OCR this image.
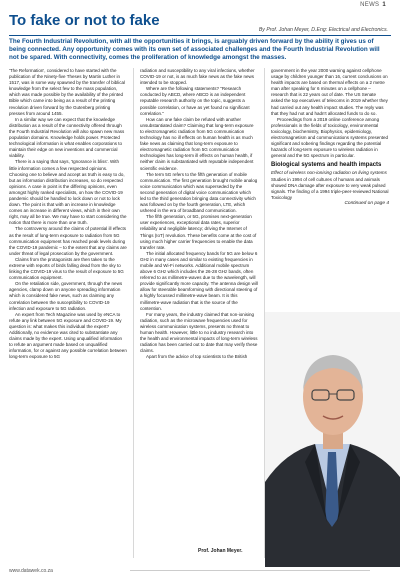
NEWS 1
To fake or not to fake
By Prof. Johan Meyer, D.Eng: Electrical and Electronics.

The Fourth Industrial Revolution, with all the opportunities it brings, is arguably driven forward by the ability it gives us of being connected. Any opportunity comes with its own set of associated challenges and the Fourth Industrial Revolution will not be spared. With connectivity, comes the proliferation of knowledge amongst the masses.

'The Reformation', considered to have started with the publication of the Ninety-five Theses by Martin Luther in 1517, was in some way spawned by the transfer of biblical knowledge from the select few to the mass population, which was made possible by the availability of the printed Bible which came into being as a result of the printing revolution driven forward by the Gutenberg printing presses from around 1455.

In a similar way we can expect that the knowledge distribution as a result of the connectivity offered through the Fourth Industrial Revolution will also spawn new mass population domains. Knowledge holds power. Protected technological information is what enables corporations to maintain their edge on new inventions and commercial viability.

There is a saying that says, 'Ignorance is bliss'. With little information comes a few respected opinions. Choosing one to believe and accept as truth is easy to do, but as information distribution increases, so do respected opinions. A case in point is the differing opinions, even amongst highly ranked specialists, on how the COVID-19 pandemic should be handled to lock down or not to lock down. The point is that with an increase in knowledge comes an increase in different views, which in their own right, may all be true. We may have to start considering the notion that there is more than one truth.

The controversy around the claims of potential ill effects as the result of long-term exposure to radiation from 5G communication equipment has reached peak levels during the COVID-19 pandemic – to the extent that any claims are under threat of legal prosecution by the government.

Claims from the protagonists are then taken to the extreme with reports of birds falling dead from the sky to linking the COVID-19 virus to the result of exposure to 5G communication equipment.

On the retaliation side, government, through the news agencies, clamp down on anyone spreading information which is considered fake news, such as claiming any correlation between the susceptibility to COVID-19 infection and exposure to 5G radiation.

An expert from Tech Magazine was used by eNCA to refute any link between 5G exposure and COVID-19. My question is: what makes this individual the expert? Additionally, no evidence was cited to substantiate any claims made by the expert. Using unqualified information to refute an argument made based on unqualified information, for or against any possible correlation between long-term exposure to 5G

radiation and susceptibility to any viral infections, whether COVID-19 or not, is as much fake news as the fake news intended to be stopped.

Where are the following statements? "Research conducted by ABCD, where ABCD is an independent reputable research authority on the topic, suggests a possible correlation, or have as yet found no significant correlation."

How can one fake claim be refuted with another unsubstantiated claim? Claiming that long-term exposure to electromagnetic radiation from 5G communication technology has no ill effects on human health is as much fake news as claiming that long-term exposure to electromagnetic radiation from 5G communication technologies has long-term ill effects on human health, if neither claim is substantiated with reputable independent scientific evidence.

The term 5G refers to the fifth generation of mobile communication. The first generation brought mobile analog voice communication which was superseded by the second generation of digital voice communication which led to the third generation bringing data connectivity which was followed on by the fourth generation, LTE, which ushered in the era of broadband communication.

The fifth generation, or 5G, promises next-generation user experiences, exceptional data rates, superior reliability and negligible latency; driving the Internet of Things (IoT) revolution. These benefits come at the cost of using much higher carrier frequencies to enable the data transfer rate.

The initial allocated frequency bands for 5G are below 6 GHz in many cases and similar to existing frequencies in mobile and Wi-Fi networks. Additional mobile spectrum above 6 GHz which includes the 26-28 GHz bands, often referred to as millimetre-waves due to the wavelength, will provide significantly more capacity. The antenna design will allow for steerable beamforming with directional steering of a highly focussed millimetre-wave beam. It is this millimetre-wave radiation that is the source of the contention.

For many years, the industry claimed that non-ionising radiation, such as the microwave frequencies used for wireless communication systems, presents no threat to human health. However, little to no industry research into the health and environmental impacts of long-term wireless radiation has been carried out to date that may verify these claims.

Apart from the advice of top scientists to the British

government in the year 2000 warning against cellphone usage by children younger than 16, current conclusions on health impacts are based on thermal effects on a 2 metre man after speaking for 6 minutes on a cellphone – research that is 22 years out of date. The US Senate asked the top executives of telecoms in 2019 whether they had carried out any health impact studies. The reply was that they had not and hadn't allocated funds to do so.

Proceedings from a 2019 online conference among professionals in the fields of toxicology, environmental toxicology, biochemistry, Biophysics, epidemiology, electromagnetism and communications systems presented significant and sobering findings regarding the potential hazards of long-term exposure to wireless radiation in general and the 5G spectrum in particular.

Biological systems and health impacts
Effect of wireless non-ionising radiation on living systems

Studies in 1994 of cell cultures of humans and animals showed DNA damage after exposure to very weak pulsed signals. The finding of a 1994 triple-peer-reviewed National Toxicology

Continued on page 4
Prof. Johan Meyer.
www.datawek.co.za
